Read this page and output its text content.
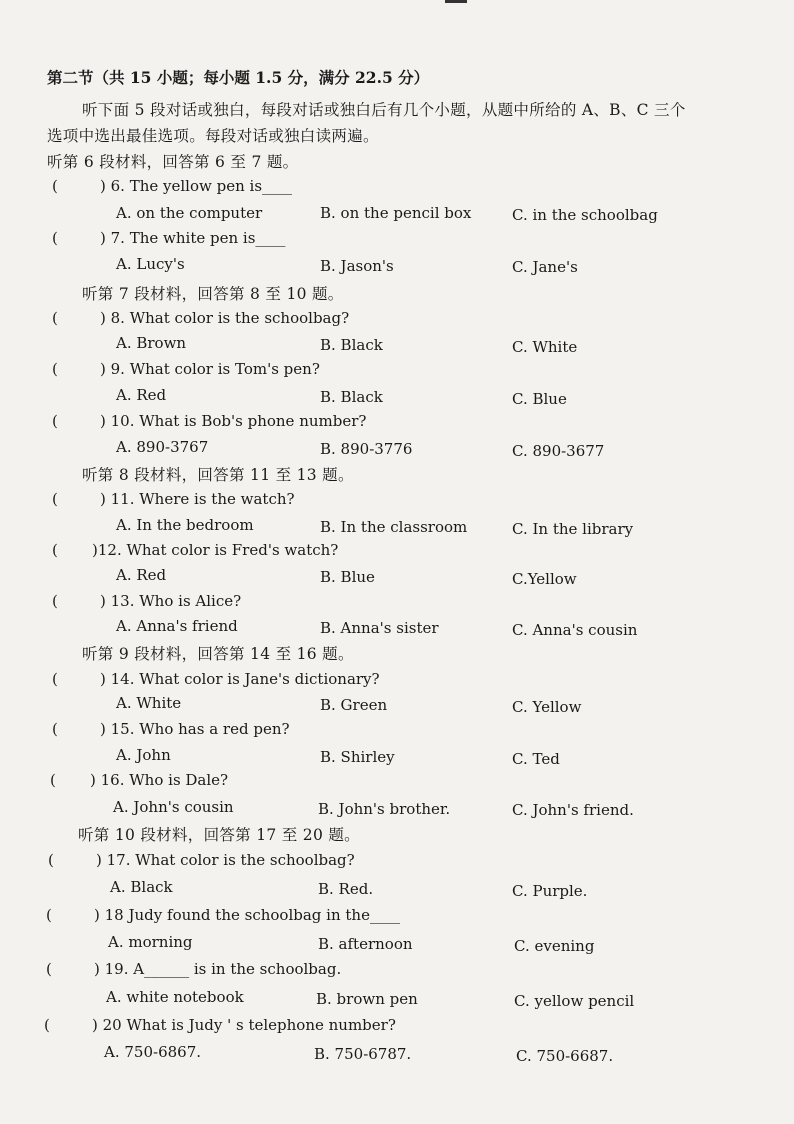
第二节（共 15 小题；每小题 1.5 分，满分 22.5 分）
听下面 5 段对话或独白，每段对话或独白后有几个小题，从题中所给的 A、B、C 三个
选项中选出最佳选项。每段对话或独白读两遍。
听第 6 段材料，回答第 6 至 7 题。
(	) 6. The yellow pen is____
A. on the computer	B. on the pencil box	C. in the schoolbag
(	) 7. The white pen is____
A. Lucy's	B. Jason's	C. Jane's
听第 7 段材料，回答第 8 至 10 题。
(	) 8. What color is the schoolbag?
A. Brown	B. Black	C. White
(	) 9. What color is Tom's pen?
A. Red	B. Black	C. Blue
(	) 10. What is Bob's phone number?
A. 890-3767	B. 890-3776	C. 890-3677
听第 8 段材料，回答第 11 至 13 题。
(	) 11. Where is the watch?
A. In the bedroom	B. In the classroom	C. In the library
( )12. What color is Fred's watch?
A. Red	B. Blue	C.Yellow
(	) 13. Who is Alice?
A. Anna's friend	B. Anna's sister	C. Anna's cousin
听第 9 段材料，回答第 14 至 16 题。
(	) 14. What color is Jane's dictionary?
A. White	B. Green	C. Yellow
(	) 15. Who has a red pen?
A. John	B. Shirley	C. Ted
( ) 16. Who is Dale?
A. John's cousin	B. John's brother.	C. John's friend.
听第 10 段材料，回答第 17 至 20 题。
(	) 17. What color is the schoolbag?
A. Black	B. Red.	C. Purple.
(	) 18 Judy found the schoolbag in the____
A. morning	B. afternoon	C. evening
(	) 19. A______ is in the schoolbag.
A. white notebook	B. brown pen	C. yellow pencil
(	) 20 What is Judy ' s telephone number?
A. 750-6867.	B. 750-6787.	C. 750-6687.
